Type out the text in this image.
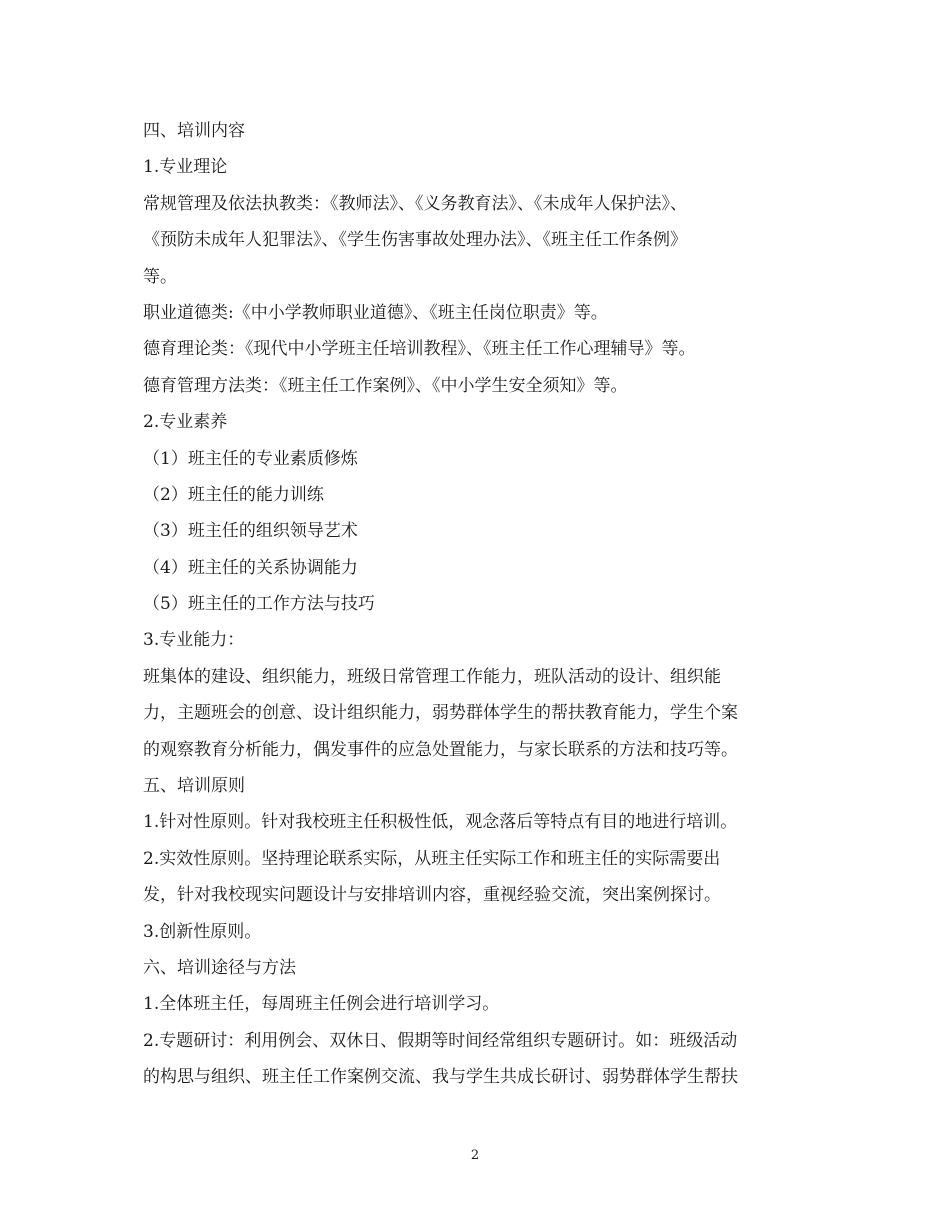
四、培训内容
1.专业理论
常规管理及依法执教类：《教师法》、《义务教育法》、《未成年人保护法》、
《预防未成年人犯罪法》、《学生伤害事故处理办法》、《班主任工作条例》
等。
职业道德类:《中小学教师职业道德》、《班主任岗位职责》等。
德育理论类：《现代中小学班主任培训教程》、《班主任工作心理辅导》等。
德育管理方法类：《班主任工作案例》、《中小学生安全须知》等。
2.专业素养
（1）班主任的专业素质修炼
（2）班主任的能力训练
（3）班主任的组织领导艺术
（4）班主任的关系协调能力
（5）班主任的工作方法与技巧
3.专业能力：
班集体的建设、组织能力，班级日常管理工作能力，班队活动的设计、组织能
力，主题班会的创意、设计组织能力，弱势群体学生的帮扶教育能力，学生个案
的观察教育分析能力，偶发事件的应急处置能力，与家长联系的方法和技巧等。
五、培训原则
1.针对性原则。针对我校班主任积极性低，观念落后等特点有目的地进行培训。
2.实效性原则。坚持理论联系实际，从班主任实际工作和班主任的实际需要出
发，针对我校现实问题设计与安排培训内容，重视经验交流，突出案例探讨。
3.创新性原则。
六、培训途径与方法
1.全体班主任，每周班主任例会进行培训学习。
2.专题研讨：利用例会、双休日、假期等时间经常组织专题研讨。如：班级活动
的构思与组织、班主任工作案例交流、我与学生共成长研讨、弱势群体学生帮扶
2
